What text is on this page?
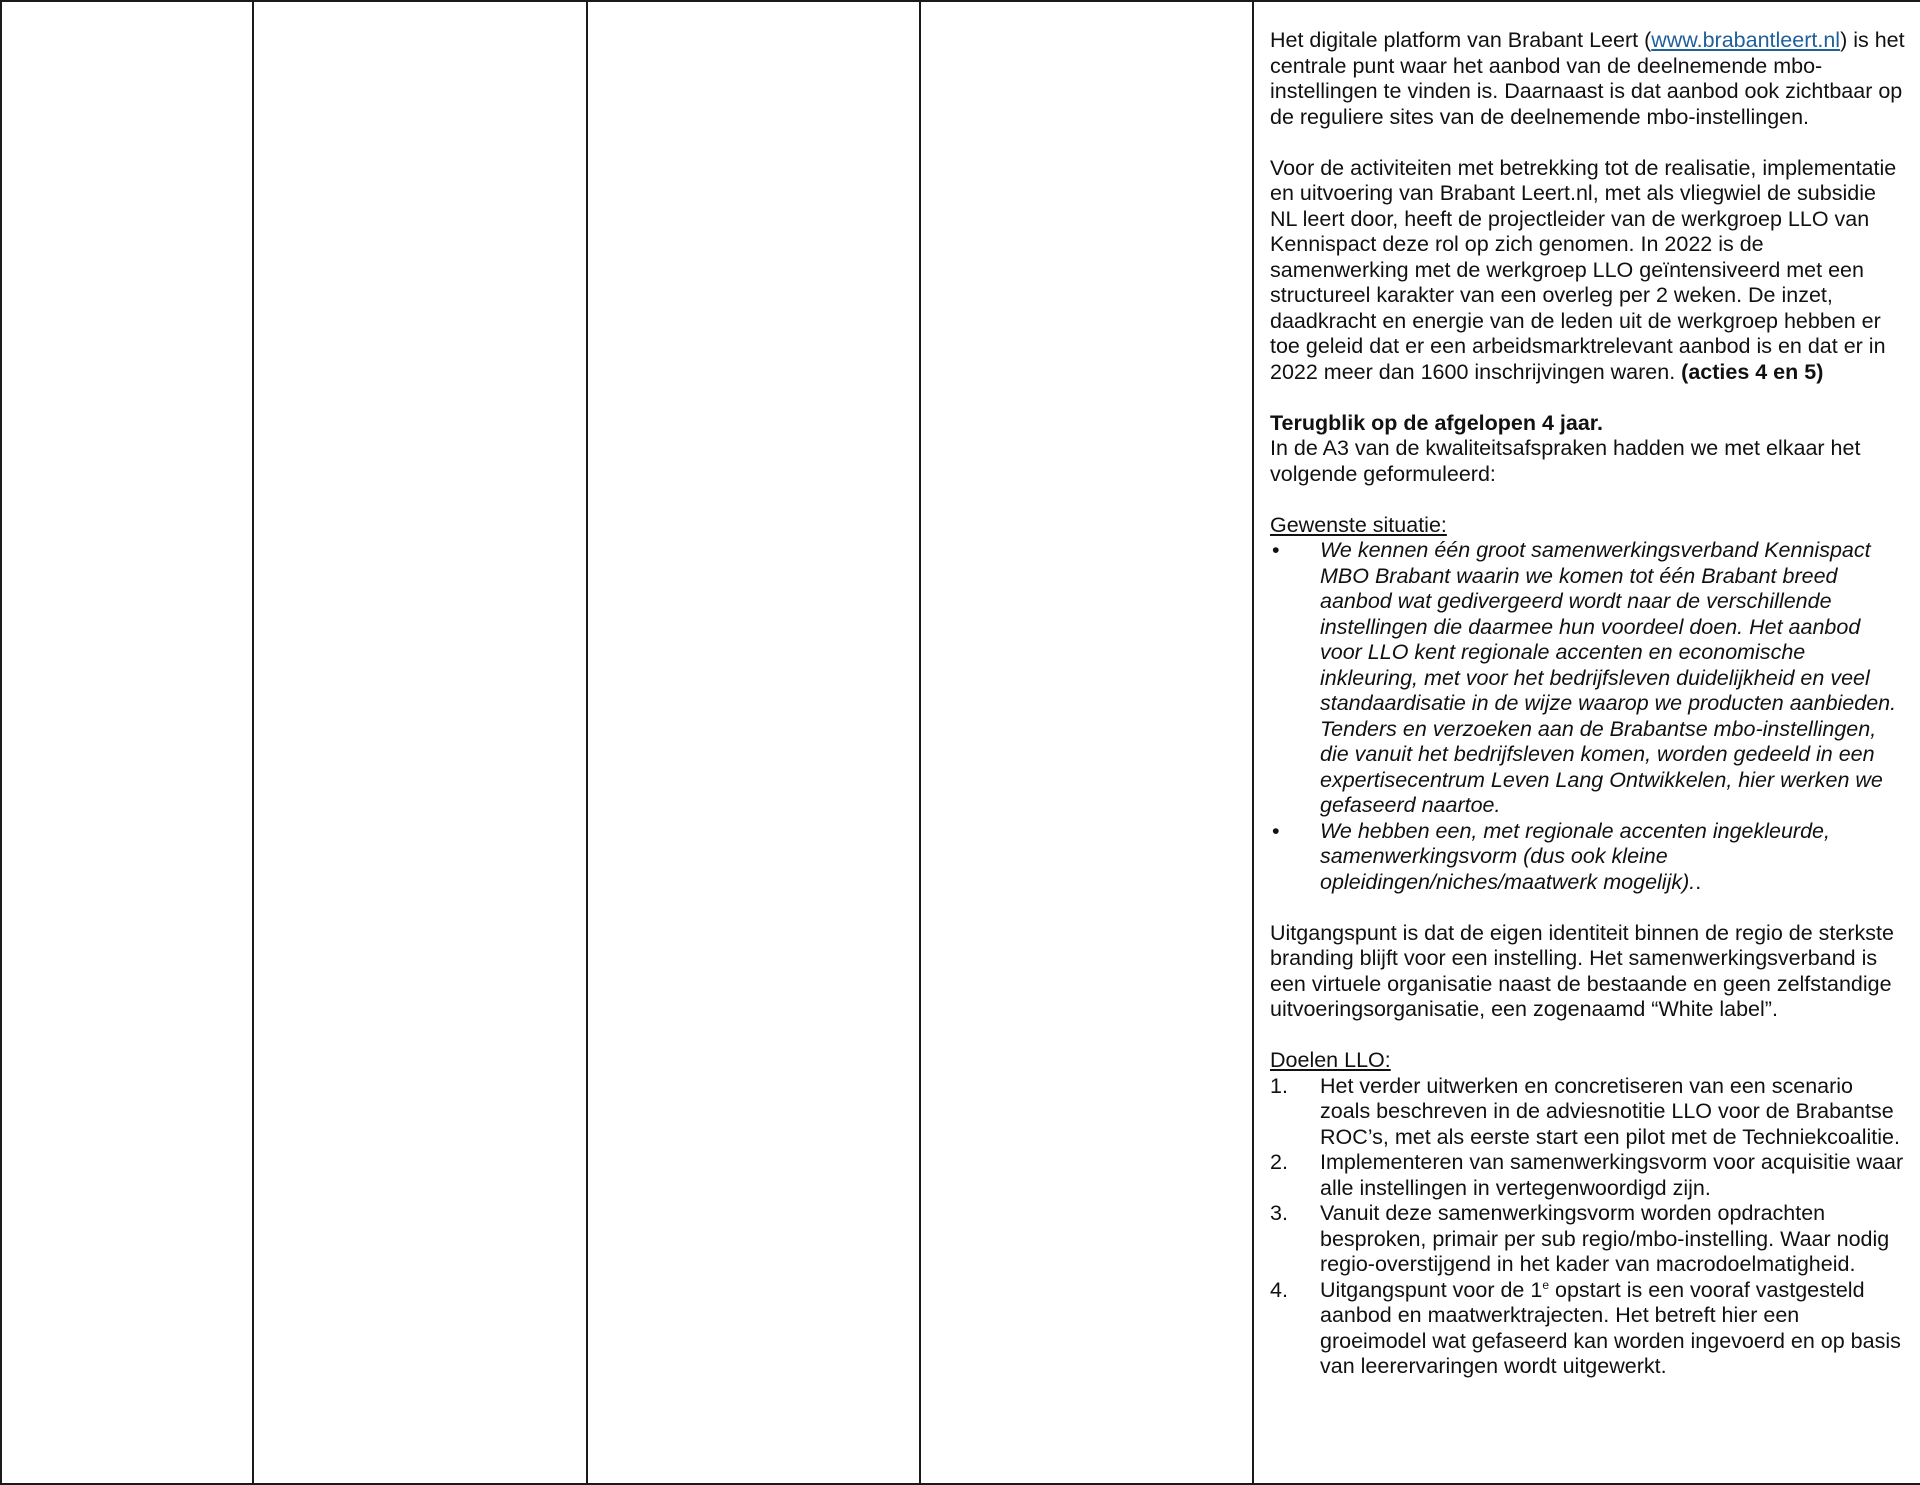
Het digitale platform van Brabant Leert (www.brabantleert.nl) is het centrale punt waar het aanbod van de deelnemende mbo-instellingen te vinden is. Daarnaast is dat aanbod ook zichtbaar op de reguliere sites van de deelnemende mbo-instellingen.

Voor de activiteiten met betrekking tot de realisatie, implementatie en uitvoering van Brabant Leert.nl, met als vliegwiel de subsidie NL leert door, heeft de projectleider van de werkgroep LLO van Kennispact deze rol op zich genomen. In 2022 is de samenwerking met de werkgroep LLO geïntensiveerd met een structureel karakter van een overleg per 2 weken. De inzet, daadkracht en energie van de leden uit de werkgroep hebben er toe geleid dat er een arbeidsmarktrelevant aanbod is en dat er in 2022 meer dan 1600 inschrijvingen waren. (acties 4 en 5)

Terugblik op de afgelopen 4 jaar.

In de A3 van de kwaliteitsafspraken hadden we met elkaar het volgende geformuleerd:

Gewenste situatie:

• We kennen één groot samenwerkingsverband Kennispact MBO Brabant waarin we komen tot één Brabant breed aanbod wat gedivergeerd wordt naar de verschillende instellingen die daarmee hun voordeel doen. Het aanbod voor LLO kent regionale accenten en economische inkleuring, met voor het bedrijfsleven duidelijkheid en veel standaardisatie in de wijze waarop we producten aanbieden. Tenders en verzoeken aan de Brabantse mbo-instellingen, die vanuit het bedrijfsleven komen, worden gedeeld in een expertisecentrum Leven Lang Ontwikkelen, hier werken we gefaseerd naartoe.
• We hebben een, met regionale accenten ingekleurde, samenwerkingsvorm (dus ook kleine opleidingen/niches/maatwerk mogelijk)..

Uitgangspunt is dat de eigen identiteit binnen de regio de sterkste branding blijft voor een instelling. Het samenwerkingsverband is een virtuele organisatie naast de bestaande en geen zelfstandige uitvoeringsorganisatie, een zogenaamd “White label”.

Doelen LLO:

1. Het verder uitwerken en concretiseren van een scenario zoals beschreven in de adviesnotitie LLO voor de Brabantse ROC’s, met als eerste start een pilot met de Techniekcoalitie.
2. Implementeren van samenwerkingsvorm voor acquisitie waar alle instellingen in vertegenwoordigd zijn.
3. Vanuit deze samenwerkingsvorm worden opdrachten besproken, primair per sub regio/mbo-instelling. Waar nodig regio-overstijgend in het kader van macrodoelmatigheid.
4. Uitgangspunt voor de 1e opstart is een vooraf vastgesteld aanbod en maatwerktrajecten. Het betreft hier een groeimodel wat gefaseerd kan worden ingevoerd en op basis van leerervaringen wordt uitgewerkt.
